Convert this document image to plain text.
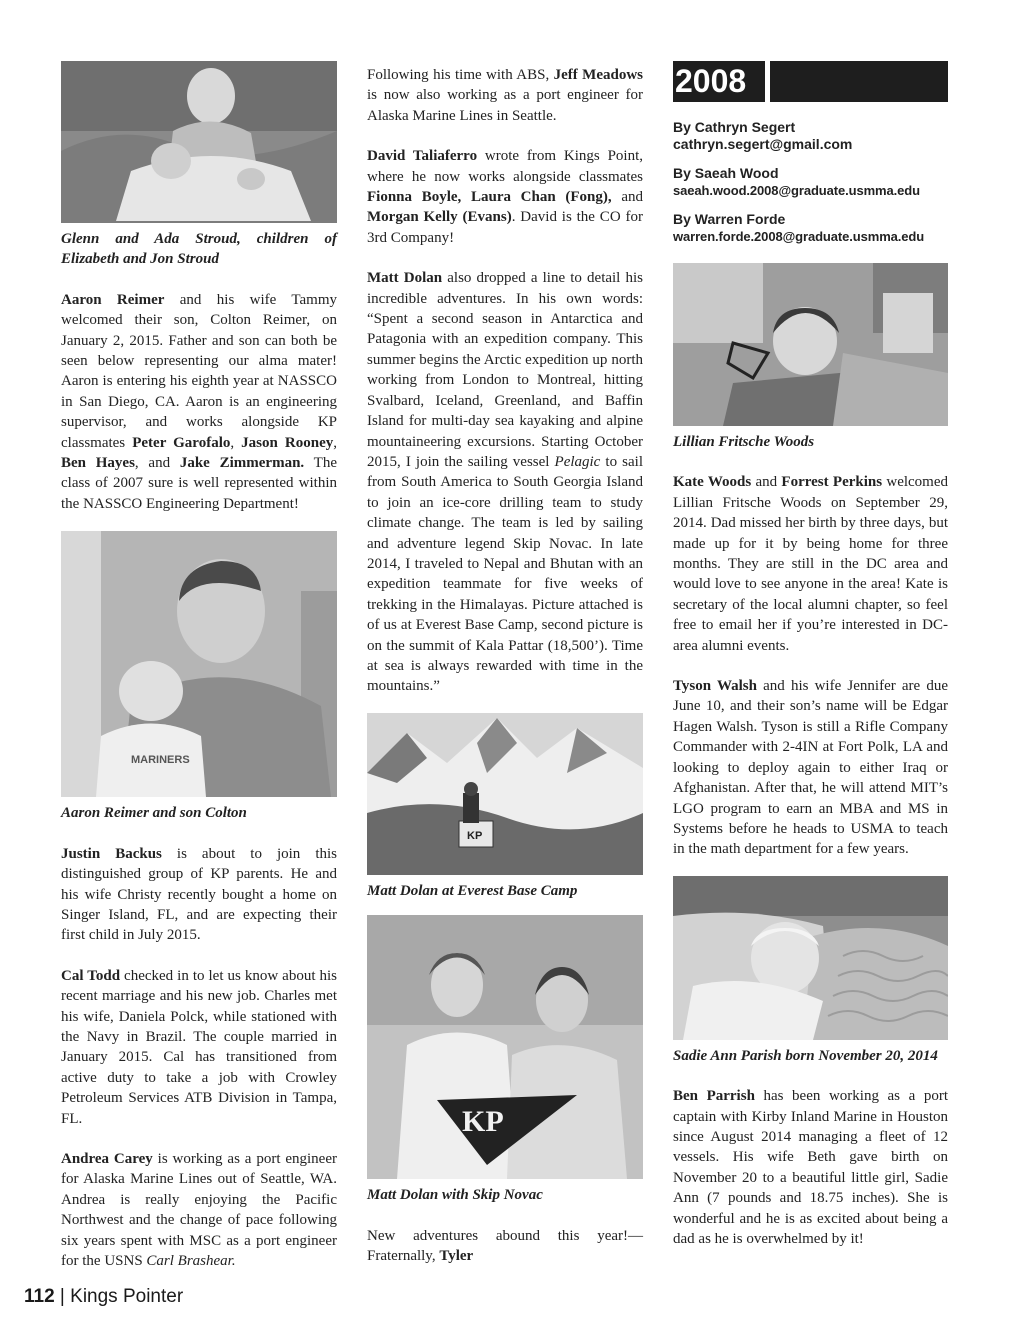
Glenn and Ada Stroud, children of Elizabeth and Jon Stroud

Aaron Reimer and his wife Tammy welcomed their son, Colton Reimer, on January 2, 2015. Father and son can both be seen below representing our alma mater! Aaron is entering his eighth year at NASSCO in San Diego, CA. Aaron is an engineering supervisor, and works alongside KP classmates Peter Garofalo, Jason Rooney, Ben Hayes, and Jake Zimmerman. The class of 2007 sure is well represented within the NASSCO Engineering Department!

MARINERS
Aaron Reimer and son Colton

Justin Backus is about to join this distinguished group of KP parents. He and his wife Christy recently bought a home on Singer Island, FL, and are expecting their first child in July 2015.

Cal Todd checked in to let us know about his recent marriage and his new job. Charles met his wife, Daniela Polck, while stationed with the Navy in Brazil. The couple married in January 2015. Cal has transitioned from active duty to take a job with Crowley Petroleum Services ATB Division in Tampa, FL.

Andrea Carey is working as a port engineer for Alaska Marine Lines out of Seattle, WA. Andrea is really enjoying the Pacific Northwest and the change of pace following six years spent with MSC as a port engineer for the USNS Carl Brashear.

Following his time with ABS, Jeff Meadows is now also working as a port engineer for Alaska Marine Lines in Seattle.

David Taliaferro wrote from Kings Point, where he now works alongside classmates Fionna Boyle, Laura Chan (Fong), and Morgan Kelly (Evans). David is the CO for 3rd Company!

Matt Dolan also dropped a line to detail his incredible adventures. In his own words: “Spent a second season in Antarctica and Patagonia with an expedition company. This summer begins the Arctic expedition up north working from London to Montreal, hitting Svalbard, Iceland, Greenland, and Baffin Island for multi-day sea kayaking and alpine mountaineering excursions. Starting October 2015, I join the sailing vessel Pelagic to sail from South America to South Georgia Island to join an ice-core drilling team to study climate change. The team is led by sailing and adventure legend Skip Novac. In late 2014, I traveled to Nepal and Bhutan with an expedition teammate for five weeks of trekking in the Himalayas. Picture attached is of us at Everest Base Camp, second picture is on the summit of Kala Pattar (18,500’). Time at sea is always rewarded with time in the mountains.”

KP
Matt Dolan at Everest Base Camp
KP
Matt Dolan with Skip Novac

New adventures abound this year!— Fraternally, Tyler

2008
By Cathryn Segert
cathryn.segert@gmail.com
By Saeah Wood
saeah.wood.2008@graduate.usmma.edu
By Warren Forde
warren.forde.2008@graduate.usmma.edu
Lillian Fritsche Woods

Kate Woods and Forrest Perkins welcomed Lillian Fritsche Woods on September 29, 2014. Dad missed her birth by three days, but made up for it by being home for three months. They are still in the DC area and would love to see anyone in the area! Kate is secretary of the local alumni chapter, so feel free to email her if you’re interested in DC-area alumni events.

Tyson Walsh and his wife Jennifer are due June 10, and their son’s name will be Edgar Hagen Walsh. Tyson is still a Rifle Company Commander with 2-4IN at Fort Polk, LA and looking to deploy again to either Iraq or Afghanistan. After that, he will attend MIT’s LGO program to earn an MBA and MS in Systems before he heads to USMA to teach in the math department for a few years.

Sadie Ann Parish born November 20, 2014

Ben Parrish has been working as a port captain with Kirby Inland Marine in Houston since August 2014 managing a fleet of 12 vessels. His wife Beth gave birth on November 20 to a beautiful little girl, Sadie Ann (7 pounds and 18.75 inches). She is wonderful and he is as excited about being a dad as he is overwhelmed by it!

112 | Kings Pointer
